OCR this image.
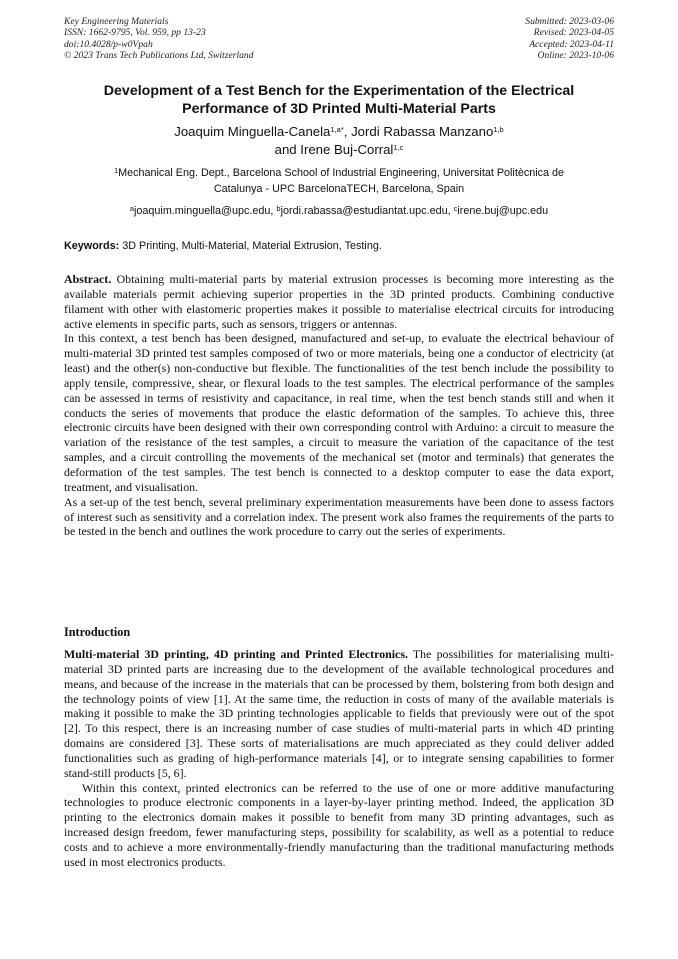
Key Engineering Materials
ISSN: 1662-9795, Vol. 959, pp 13-23
doi:10.4028/p-w0Vpah
© 2023 Trans Tech Publications Ltd, Switzerland
Submitted: 2023-03-06
Revised: 2023-04-05
Accepted: 2023-04-11
Online: 2023-10-06
Development of a Test Bench for the Experimentation of the Electrical
Performance of 3D Printed Multi-Material Parts
Joaquim Minguella-Canela$^{1,a*}$, Jordi Rabassa Manzano$^{1,b}$
and Irene Buj-Corral$^{1,c}$
$^1$Mechanical Eng. Dept., Barcelona School of Industrial Engineering, Universitat Politècnica de
Catalunya - UPC BarcelonaTECH, Barcelona, Spain
$^a$joaquim.minguella@upc.edu, $^b$jordi.rabassa@estudiantat.upc.edu, $^c$irene.buj@upc.edu
Keywords: 3D Printing, Multi-Material, Material Extrusion, Testing.

Abstract. Obtaining multi-material parts by material extrusion processes is becoming more interesting as the available materials permit achieving superior properties in the 3D printed products. Combining conductive filament with other with elastomeric properties makes it possible to materialise electrical circuits for introducing active elements in specific parts, such as sensors, triggers or antennas.

In this context, a test bench has been designed, manufactured and set-up, to evaluate the electrical behaviour of multi-material 3D printed test samples composed of two or more materials, being one a conductor of electricity (at least) and the other(s) non-conductive but flexible. The functionalities of the test bench include the possibility to apply tensile, compressive, shear, or flexural loads to the test samples. The electrical performance of the samples can be assessed in terms of resistivity and capacitance, in real time, when the test bench stands still and when it conducts the series of movements that produce the elastic deformation of the samples. To achieve this, three electronic circuits have been designed with their own corresponding control with Arduino: a circuit to measure the variation of the resistance of the test samples, a circuit to measure the variation of the capacitance of the test samples, and a circuit controlling the movements of the mechanical set (motor and terminals) that generates the deformation of the test samples. The test bench is connected to a desktop computer to ease the data export, treatment, and visualisation.

As a set-up of the test bench, several preliminary experimentation measurements have been done to assess factors of interest such as sensitivity and a correlation index. The present work also frames the requirements of the parts to be tested in the bench and outlines the work procedure to carry out the series of experiments.

Introduction

Multi-material 3D printing, 4D printing and Printed Electronics. The possibilities for materialising multi-material 3D printed parts are increasing due to the development of the available technological procedures and means, and because of the increase in the materials that can be processed by them, bolstering from both design and the technology points of view [1]. At the same time, the reduction in costs of many of the available materials is making it possible to make the 3D printing technologies applicable to fields that previously were out of the spot [2]. To this respect, there is an increasing number of case studies of multi-material parts in which 4D printing domains are considered [3]. These sorts of materialisations are much appreciated as they could deliver added functionalities such as grading of high-performance materials [4], or to integrate sensing capabilities to former stand-still products [5, 6].

Within this context, printed electronics can be referred to the use of one or more additive manufacturing technologies to produce electronic components in a layer-by-layer printing method. Indeed, the application 3D printing to the electronics domain makes it possible to benefit from many 3D printing advantages, such as increased design freedom, fewer manufacturing steps, possibility for scalability, as well as a potential to reduce costs and to achieve a more environmentally-friendly manufacturing than the traditional manufacturing methods used in most electronics products.
